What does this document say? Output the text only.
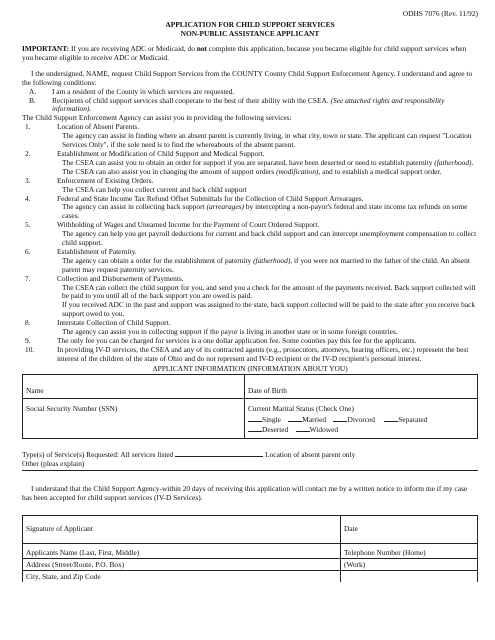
ODHS 7076 (Rev. 11/92)
APPLICATION FOR CHILD SUPPORT SERVICES
NON-PUBLIC ASSISTANCE APPLICANT

IMPORTANT: If you are receiving ADC or Medicaid, do not complete this application, because you became eligible for child support services when you became eligible to receive ADC or Medicaid.

I the undersigned, NAME, request Child Support Services from the COUNTY County Child Support Enforcement Agency. I understand and agree to the following conditions:

A.	I am a resident of the County in which services are requested.
B.	Recipients of child support services shall cooperate to the best of their ability with the CSEA. (See attached rights and responsibility information).

The Child Support Enforcement Agency can assist you in providing the following services:

1.	Location of Absent Parents.

The agency can assist in finding where an absent parent is currently living, in what city, town or state. The applicant can request "Location Services Only", if the sole need is to find the whereabouts of the absent parent.

2.	Establishment or Modification of Child Support and Medical Support.

The CSEA can assist you to obtain an order for support if you are separated, have been deserted or need to establish paternity (fatherhood). The CSEA can also assist you in changing the amount of support orders (modification), and to establish a medical support order.

3.	Enforcement of Existing Orders.

The CSEA can help you collect current and back child support

4.	Federal and State Income Tax Refund Offset Submittals for the Collection of Child Support Arrearages.

The agency can assist in collecting back support (arrearages) by intercepting a non-payor's federal and state income tax refunds on some cases.

5.	Withholding of Wages and Unearned Income for the Payment of Court Ordered Support.

The agency can help you get payroll deductions for current and back child support and can intercept unemployment compensation to collect child support.

6.	Establishment of Paternity.

The agency can obtain a order for the establishment of paternity (fatherhood), if you were not married to the father of the child. An absent parent may request paternity services.

7.	Collection and Disbursement of Payments.

The CSEA can collect the child support for you, and send you a check for the amount of the payments received. Back support collected will be paid to you until all of the back support you are owed is paid.

If you received ADC in the past and support was assigned to the state, back support collected will be paid to the state after you receive back support owed to you.

8.	Interstate Collection of Child Support.

The agency can assist you in collecting support if the payor is living in another state or in some foreign countries.

9.	The only fee you can be charged for services is a one dollar application fee. Some counties pay this fee for the applicants.
10.	In providing IV-D services, the CSEA and any of its contracted agents (e.g., prosecutors, attorneys, hearing officers, etc.) represent the best interest of the children of the state of Ohio and do not represent and IV-D recipient or the IV-D recipient's personal interest.
APPLICANT INFORMATION (INFORMATION ABOUT YOU)	
Name	Date of Birth
Social Security Number (SSN)	Current Marital Status (Check One)
Single Married Divorced Separated
Deserted Widowed
Type(s) of Service(s) Requested: All services listed	Location of absent parent only
Other (pleas explain)

I understand that the Child Support Agency-within 20 days of receiving this application will contact me by a written notice to inform me if my case has been accepted for child support services (IV-D Services).

Signature of Applicant	Date
Applicants Name (Last, First, Middle)	Telephone Number (Home)
Address (Street/Route, P.O. Box)	(Work)
City, State, and Zip Code	
